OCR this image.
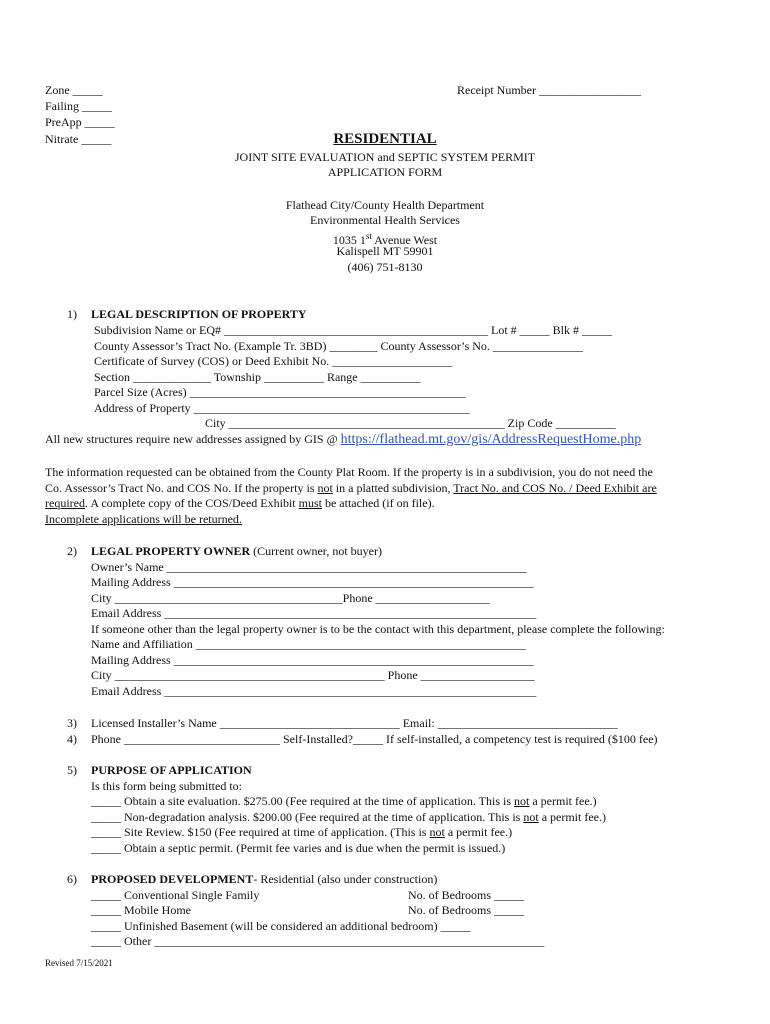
Zone _____
Failing _____
PreApp _____
Nitrate _____
Receipt Number _________________
RESIDENTIAL
JOINT SITE EVALUATION and SEPTIC SYSTEM PERMIT
APPLICATION FORM
Flathead City/County Health Department
Environmental Health Services
1035 1st Avenue West
Kalispell MT 59901
(406) 751-8130
1) LEGAL DESCRIPTION OF PROPERTY
Subdivision Name or EQ# ____________________________________________ Lot # _____ Blk # _____
County Assessor’s Tract No. (Example Tr. 3BD) ________ County Assessor’s No. _______________
Certificate of Survey (COS) or Deed Exhibit No. ____________________
Section _____________ Township __________ Range __________
Parcel Size (Acres) ______________________________________________
Address of Property ______________________________________________
City ______________________________________________ Zip Code __________
All new structures require new addresses assigned by GIS @ https://flathead.mt.gov/gis/AddressRequestHome.php
The information requested can be obtained from the County Plat Room. If the property is in a subdivision, you do not need the
Co. Assessor’s Tract No. and COS No. If the property is not in a platted subdivision, Tract No. and COS No. / Deed Exhibit are
required. A complete copy of the COS/Deed Exhibit must be attached (if on file).
Incomplete applications will be returned.
2) LEGAL PROPERTY OWNER (Current owner, not buyer)
Owner’s Name ____________________________________________________________
Mailing Address ____________________________________________________________
City ______________________________________Phone ___________________
Email Address ______________________________________________________________
If someone other than the legal property owner is to be the contact with this department, please complete the following:
Name and Affiliation _______________________________________________________
Mailing Address ____________________________________________________________
City _____________________________________________ Phone ___________________
Email Address ______________________________________________________________
3) Licensed Installer’s Name ______________________________ Email: ______________________________
4) Phone __________________________ Self-Installed?_____ If self-installed, a competency test is required ($100 fee)
5) PURPOSE OF APPLICATION
Is this form being submitted to:
_____ Obtain a site evaluation. $275.00 (Fee required at the time of application. This is not a permit fee.)
_____ Non-degradation analysis. $200.00 (Fee required at the time of application. This is not a permit fee.)
_____ Site Review. $150 (Fee required at time of application. (This is not a permit fee.)
_____ Obtain a septic permit. (Permit fee varies and is due when the permit is issued.)
6) PROPOSED DEVELOPMENT- Residential (also under construction)
_____ Conventional Single Family	No. of Bedrooms _____
_____ Mobile Home	No. of Bedrooms _____
_____ Unfinished Basement (will be considered an additional bedroom) _____
_____ Other _________________________________________________________________
Revised 7/15/2021
